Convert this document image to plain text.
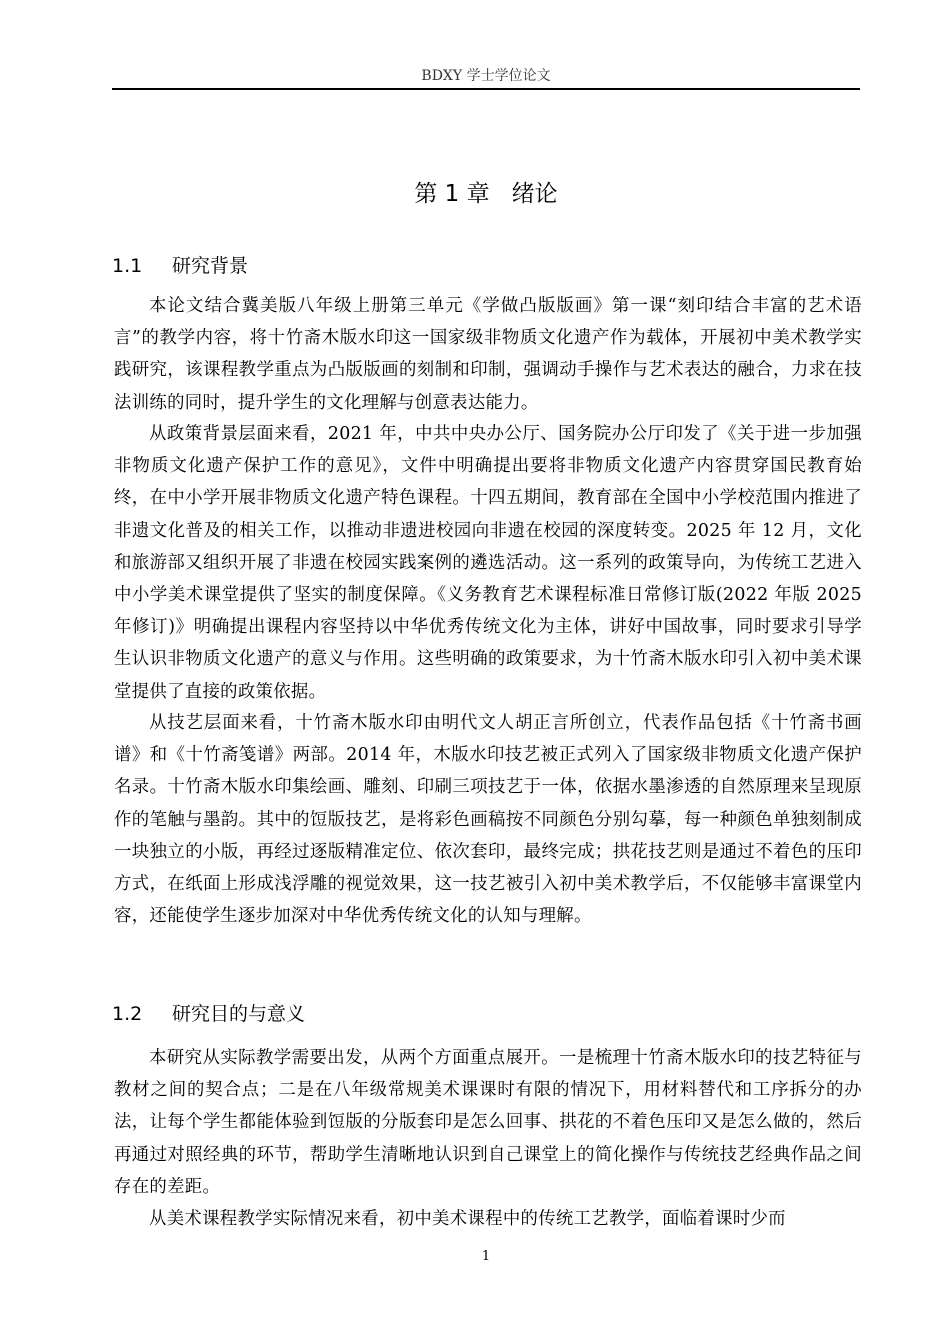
BDXY 学士学位论文
第 1 章 绪论
1.1 研究背景

本论文结合冀美版八年级上册第三单元《学做凸版版画》第一课“刻印结合丰富的艺术语言”的教学内容，将十竹斋木版水印这一国家级非物质文化遗产作为载体，开展初中美术教学实践研究，该课程教学重点为凸版版画的刻制和印制，强调动手操作与艺术表达的融合，力求在技法训练的同时，提升学生的文化理解与创意表达能力。

从政策背景层面来看，2021 年，中共中央办公厅、国务院办公厅印发了《关于进一步加强非物质文化遗产保护工作的意见》，文件中明确提出要将非物质文化遗产内容贯穿国民教育始终，在中小学开展非物质文化遗产特色课程。十四五期间，教育部在全国中小学校范围内推进了非遗文化普及的相关工作，以推动非遗进校园向非遗在校园的深度转变。2025 年 12 月，文化和旅游部又组织开展了非遗在校园实践案例的遴选活动。这一系列的政策导向，为传统工艺进入中小学美术课堂提供了坚实的制度保障。《义务教育艺术课程标准日常修订版(2022 年版 2025 年修订)》明确提出课程内容坚持以中华优秀传统文化为主体，讲好中国故事，同时要求引导学生认识非物质文化遗产的意义与作用。这些明确的政策要求，为十竹斋木版水印引入初中美术课堂提供了直接的政策依据。

从技艺层面来看，十竹斋木版水印由明代文人胡正言所创立，代表作品包括《十竹斋书画谱》和《十竹斋笺谱》两部。2014 年，木版水印技艺被正式列入了国家级非物质文化遗产保护名录。十竹斋木版水印集绘画、雕刻、印刷三项技艺于一体，依据水墨渗透的自然原理来呈现原作的笔触与墨韵。其中的饾版技艺，是将彩色画稿按不同颜色分别勾摹，每一种颜色单独刻制成一块独立的小版，再经过逐版精准定位、依次套印，最终完成；拱花技艺则是通过不着色的压印方式，在纸面上形成浅浮雕的视觉效果，这一技艺被引入初中美术教学后，不仅能够丰富课堂内容，还能使学生逐步加深对中华优秀传统文化的认知与理解。

1.2 研究目的与意义

本研究从实际教学需要出发，从两个方面重点展开。一是梳理十竹斋木版水印的技艺特征与教材之间的契合点；二是在八年级常规美术课课时有限的情况下，用材料替代和工序拆分的办法，让每个学生都能体验到饾版的分版套印是怎么回事、拱花的不着色压印又是怎么做的，然后再通过对照经典的环节，帮助学生清晰地认识到自己课堂上的简化操作与传统技艺经典作品之间存在的差距。

从美术课程教学实际情况来看，初中美术课程中的传统工艺教学，面临着课时少而

1
